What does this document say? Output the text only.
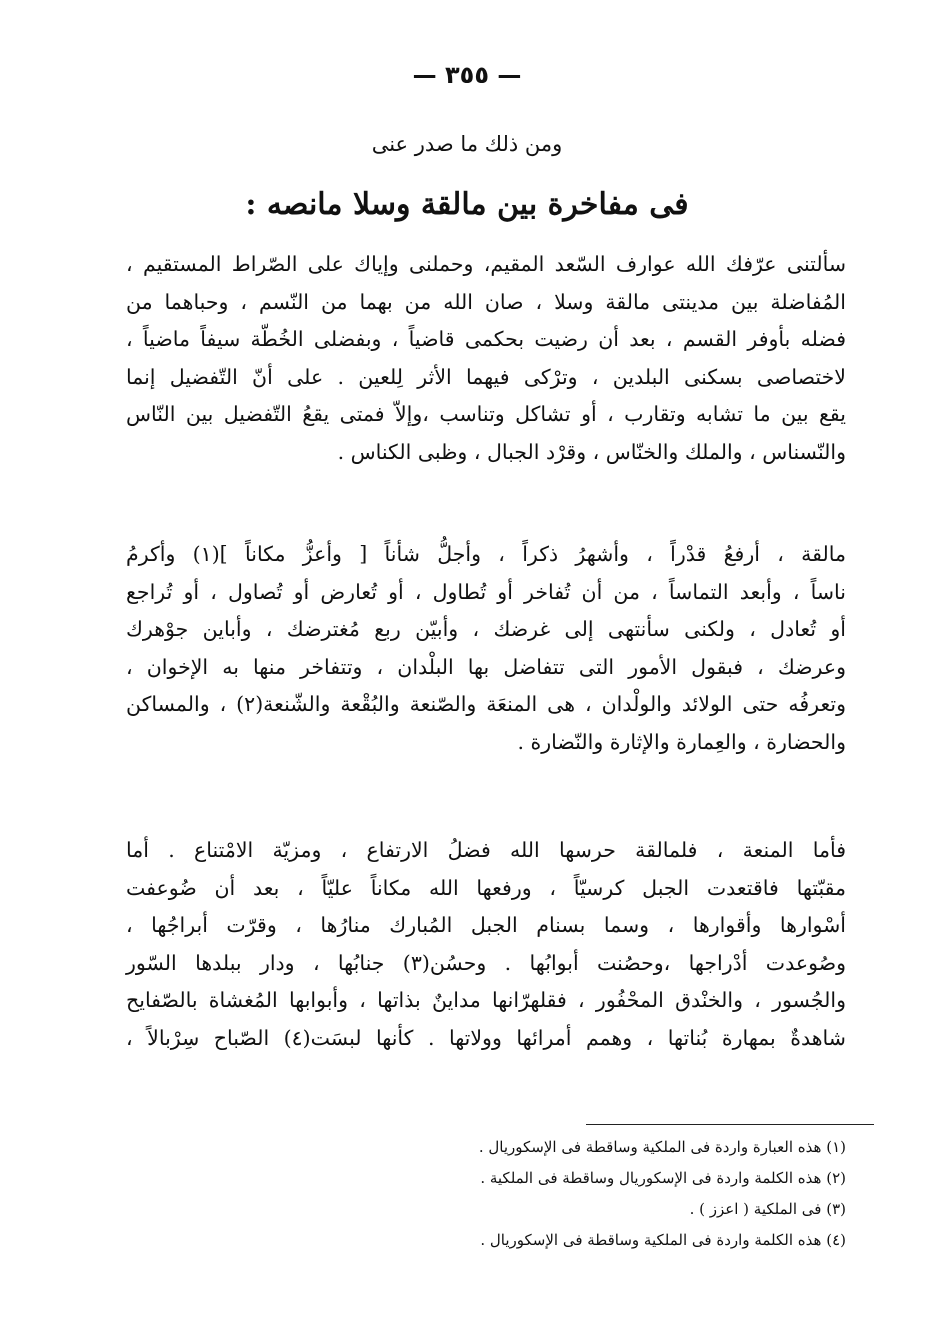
— ٣٥٥ —
ومن ذلك ما صدر عنى
فى مفاخرة بين مالقة وسلا مانصه :
سألتنى عرّفك الله عوارف السّعد المقيم، وحملنى وإياك على الصّراط المستقيم ،
المُفاضلة بين مدينتى مالقة وسلا ، صان الله من بهما من النّسم ، وحباهما من
فضله بأوفر القسم ، بعد أن رضيت بحكمى قاضياً ، وبفضلى الخُطّة سيفاً ماضياً ،
لاختصاصى بسكنى البلدين ، وترْكى فيهما الأثر لِلعين . على أنّ التّفضيل إنما
يقع بين ما تشابه وتقارب ، أو تشاكل وتناسب ،وإلاّ فمتى يقعُ التّفضيل بين النّاس
والنّسناس ، والملك والخنّاس ، وقرْد الجبال ، وظبى الكناس .
مالقة ، أرفعُ قدْراً ، وأشهرُ ذكراً ، وأجلُّ شأناً [ وأعزُّ مكاناً ](١) وأكرمُ
ناساً ، وأبعد التماساً ، من أن تُفاخر أو تُطاول ، أو تُعارض أو تُصاول ، أو تُراجع
أو تُعادل ، ولكنى سأنتهى إلى غرضك ، وأبيّن ربع مُغترضك ، وأباين جوْهرك
وعرضك ، فبقول الأمور التى تتفاضل بها البلْدان ، وتتفاخر منها به الإخوان ،
وتعرفُه حتى الولائد والولْدان ، هى المنعَة والصّنعة والبُقْعة والشّنعة(٢) ، والمساكن
والحضارة ، والعِمارة والإثارة والنّضارة .
فأما المنعة ، فلمالقة حرسها الله فضلُ الارتفاع ، ومزيّة الامْتناع . أما
مقبّتها فاقتعدت الجبل كرسيّاً ، ورفعها الله مكاناً عليّاً ، بعد أن ضُوعفت
أسْوارها وأقوارها ، وسما بسنام الجبل المُبارك منارُها ، وقرّت أبراجُها ،
وصُوعدت أدْراجها ،وحصُنت أبوابُها . وحسُن(٣) جنابُها ، ودار ببلدها السّور
والجُسور ، والخنْدق المحْفُور ، فقلهرّانها مداينٌ بذاتها ، وأبوابها المُغشاة بالصّفايح
شاهدةٌ بمهارة بُناتها ، وهمم أمرائها وولاتها . كأنها لبسَت(٤) الصّباح سِرْبالاً ،
(١) هذه العبارة واردة فى الملكية وساقطة فى الإسكوريال .
(٢) هذه الكلمة واردة فى الإسكوريال وساقطة فى الملكية .
(٣) فى الملكية ( اعزز ) .
(٤) هذه الكلمة واردة فى الملكية وساقطة فى الإسكوريال .
